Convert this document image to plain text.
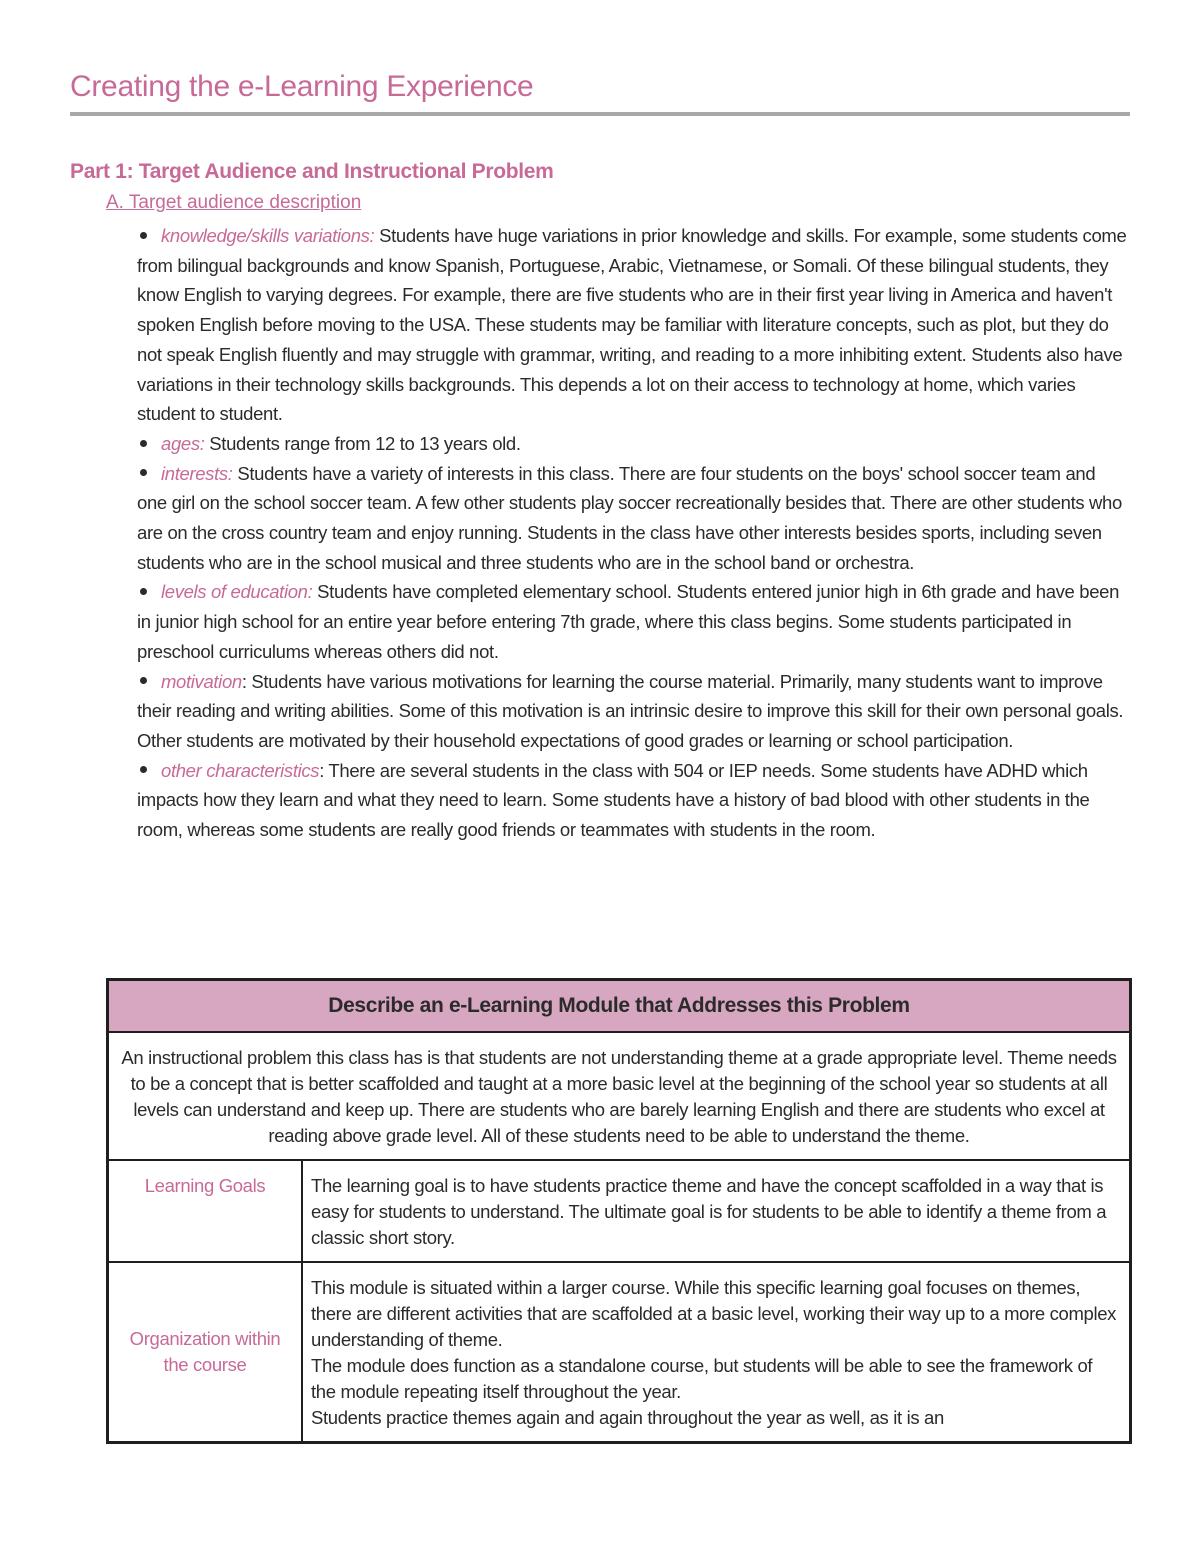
Creating the e-Learning Experience
Part 1: Target Audience and Instructional Problem
A. Target audience description
knowledge/skills variations: Students have huge variations in prior knowledge and skills. For example, some students come from bilingual backgrounds and know Spanish, Portuguese, Arabic, Vietnamese, or Somali. Of these bilingual students, they know English to varying degrees. For example, there are five students who are in their first year living in America and haven't spoken English before moving to the USA. These students may be familiar with literature concepts, such as plot, but they do not speak English fluently and may struggle with grammar, writing, and reading to a more inhibiting extent. Students also have variations in their technology skills backgrounds. This depends a lot on their access to technology at home, which varies student to student.
ages: Students range from 12 to 13 years old.
interests: Students have a variety of interests in this class. There are four students on the boys' school soccer team and one girl on the school soccer team. A few other students play soccer recreationally besides that. There are other students who are on the cross country team and enjoy running. Students in the class have other interests besides sports, including seven students who are in the school musical and three students who are in the school band or orchestra.
levels of education: Students have completed elementary school. Students entered junior high in 6th grade and have been in junior high school for an entire year before entering 7th grade, where this class begins. Some students participated in preschool curriculums whereas others did not.
motivation: Students have various motivations for learning the course material. Primarily, many students want to improve their reading and writing abilities. Some of this motivation is an intrinsic desire to improve this skill for their own personal goals. Other students are motivated by their household expectations of good grades or learning or school participation.
other characteristics: There are several students in the class with 504 or IEP needs. Some students have ADHD which impacts how they learn and what they need to learn. Some students have a history of bad blood with other students in the room, whereas some students are really good friends or teammates with students in the room.
Describe an e-Learning Module that Addresses this Problem	
An instructional problem this class has is that students are not understanding theme at a grade appropriate level. Theme needs to be a concept that is better scaffolded and taught at a more basic level at the beginning of the school year so students at all levels can understand and keep up. There are students who are barely learning English and there are students who excel at reading above grade level. All of these students need to be able to understand the theme.	
Learning Goals	The learning goal is to have students practice theme and have the concept scaffolded in a way that is easy for students to understand. The ultimate goal is for students to be able to identify a theme from a classic short story.

Organization within the course	This module is situated within a larger course. While this specific learning goal focuses on themes, there are different activities that are scaffolded at a basic level, working their way up to a more complex understanding of theme.
The module does function as a standalone course, but students will be able to see the framework of the module repeating itself throughout the year.
Students practice themes again and again throughout the year as well, as it is an
